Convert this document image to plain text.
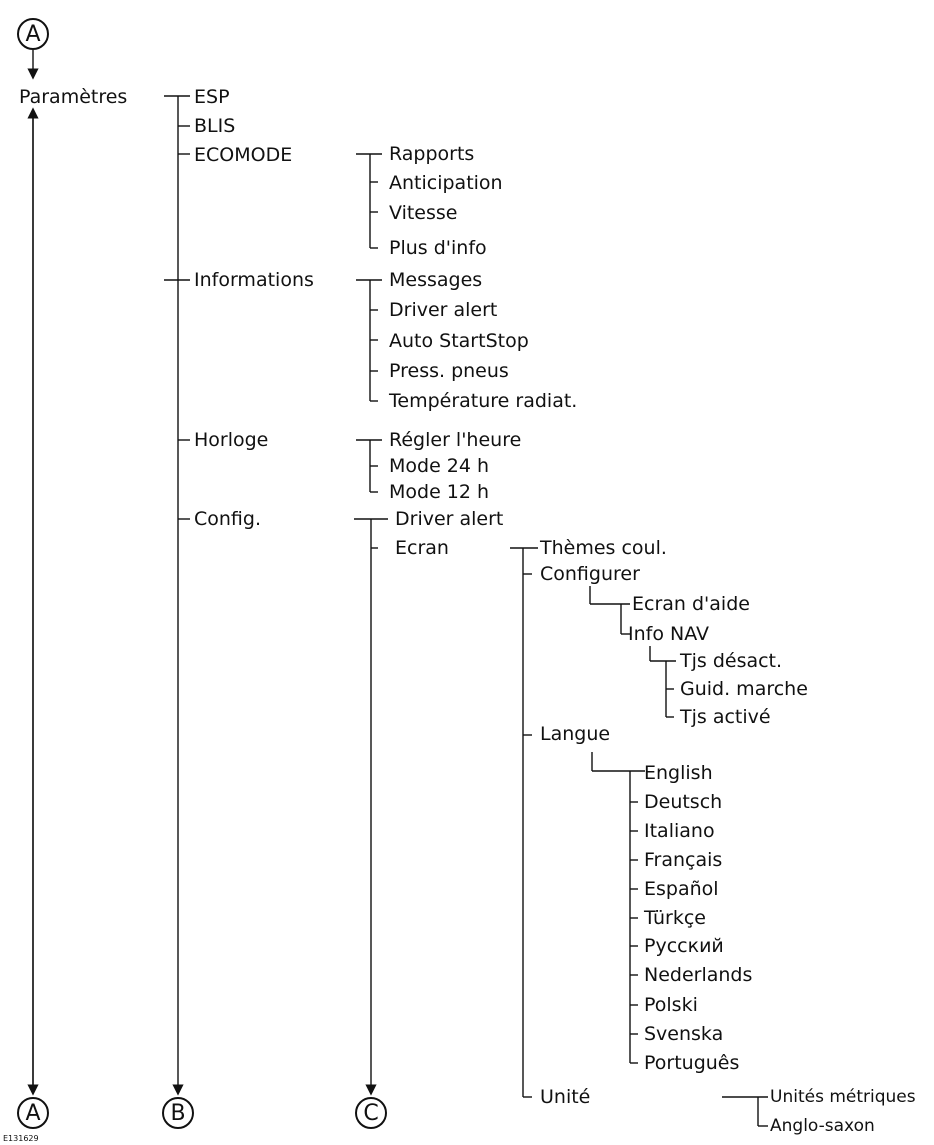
A
A	B	C
Paramètres	ESP
BLIS
ECOMODE
Informations
Horloge
Config.
Rapports
Anticipation
Vitesse
Plus d'info
Messages
Driver alert
Auto StartStop
Press. pneus
Température radiat.
Régler l'heure
Mode 24 h
Mode 12 h
Driver alert
Ecran	Thèmes coul.
Configurer
Langue
Unité
Ecran d'aide
Info NAV
Tjs désact.
Guid. marche
Tjs activé
English
Deutsch
Italiano
Français
Español
Türkçe
Русский
Nederlands
Polski
Svenska
Português
Unités métriques
Anglo-saxon
E131629
